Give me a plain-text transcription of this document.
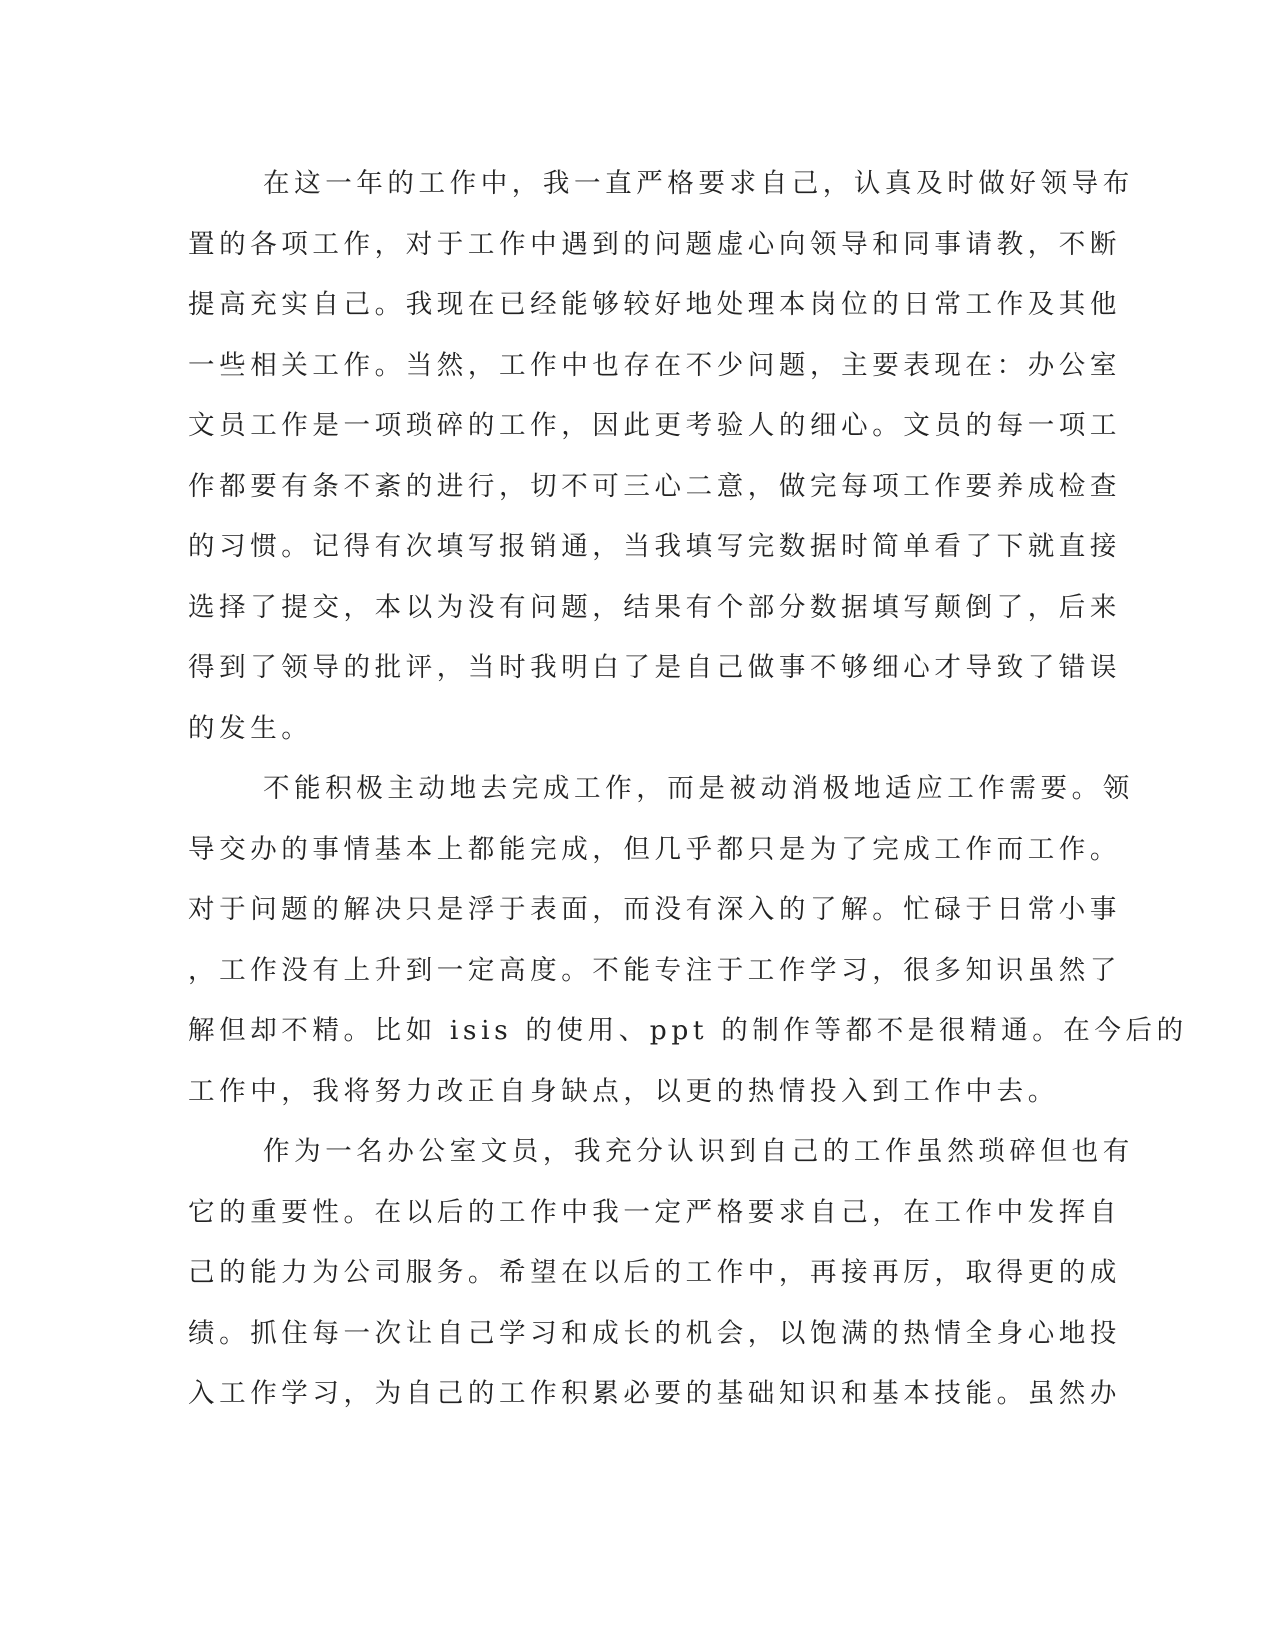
在这一年的工作中，我一直严格要求自己，认真及时做好领导布
置的各项工作，对于工作中遇到的问题虚心向领导和同事请教，不断
提高充实自己。我现在已经能够较好地处理本岗位的日常工作及其他
一些相关工作。当然，工作中也存在不少问题，主要表现在：办公室
文员工作是一项琐碎的工作，因此更考验人的细心。文员的每一项工
作都要有条不紊的进行，切不可三心二意，做完每项工作要养成检查
的习惯。记得有次填写报销通，当我填写完数据时简单看了下就直接
选择了提交，本以为没有问题，结果有个部分数据填写颠倒了，后来
得到了领导的批评，当时我明白了是自己做事不够细心才导致了错误
的发生。
不能积极主动地去完成工作，而是被动消极地适应工作需要。领
导交办的事情基本上都能完成，但几乎都只是为了完成工作而工作。
对于问题的解决只是浮于表面，而没有深入的了解。忙碌于日常小事
，工作没有上升到一定高度。不能专注于工作学习，很多知识虽然了
解但却不精。比如 isis 的使用、ppt 的制作等都不是很精通。在今后的
工作中，我将努力改正自身缺点，以更的热情投入到工作中去。
作为一名办公室文员，我充分认识到自己的工作虽然琐碎但也有
它的重要性。在以后的工作中我一定严格要求自己，在工作中发挥自
己的能力为公司服务。希望在以后的工作中，再接再厉，取得更的成
绩。抓住每一次让自己学习和成长的机会，以饱满的热情全身心地投
入工作学习，为自己的工作积累必要的基础知识和基本技能。虽然办
